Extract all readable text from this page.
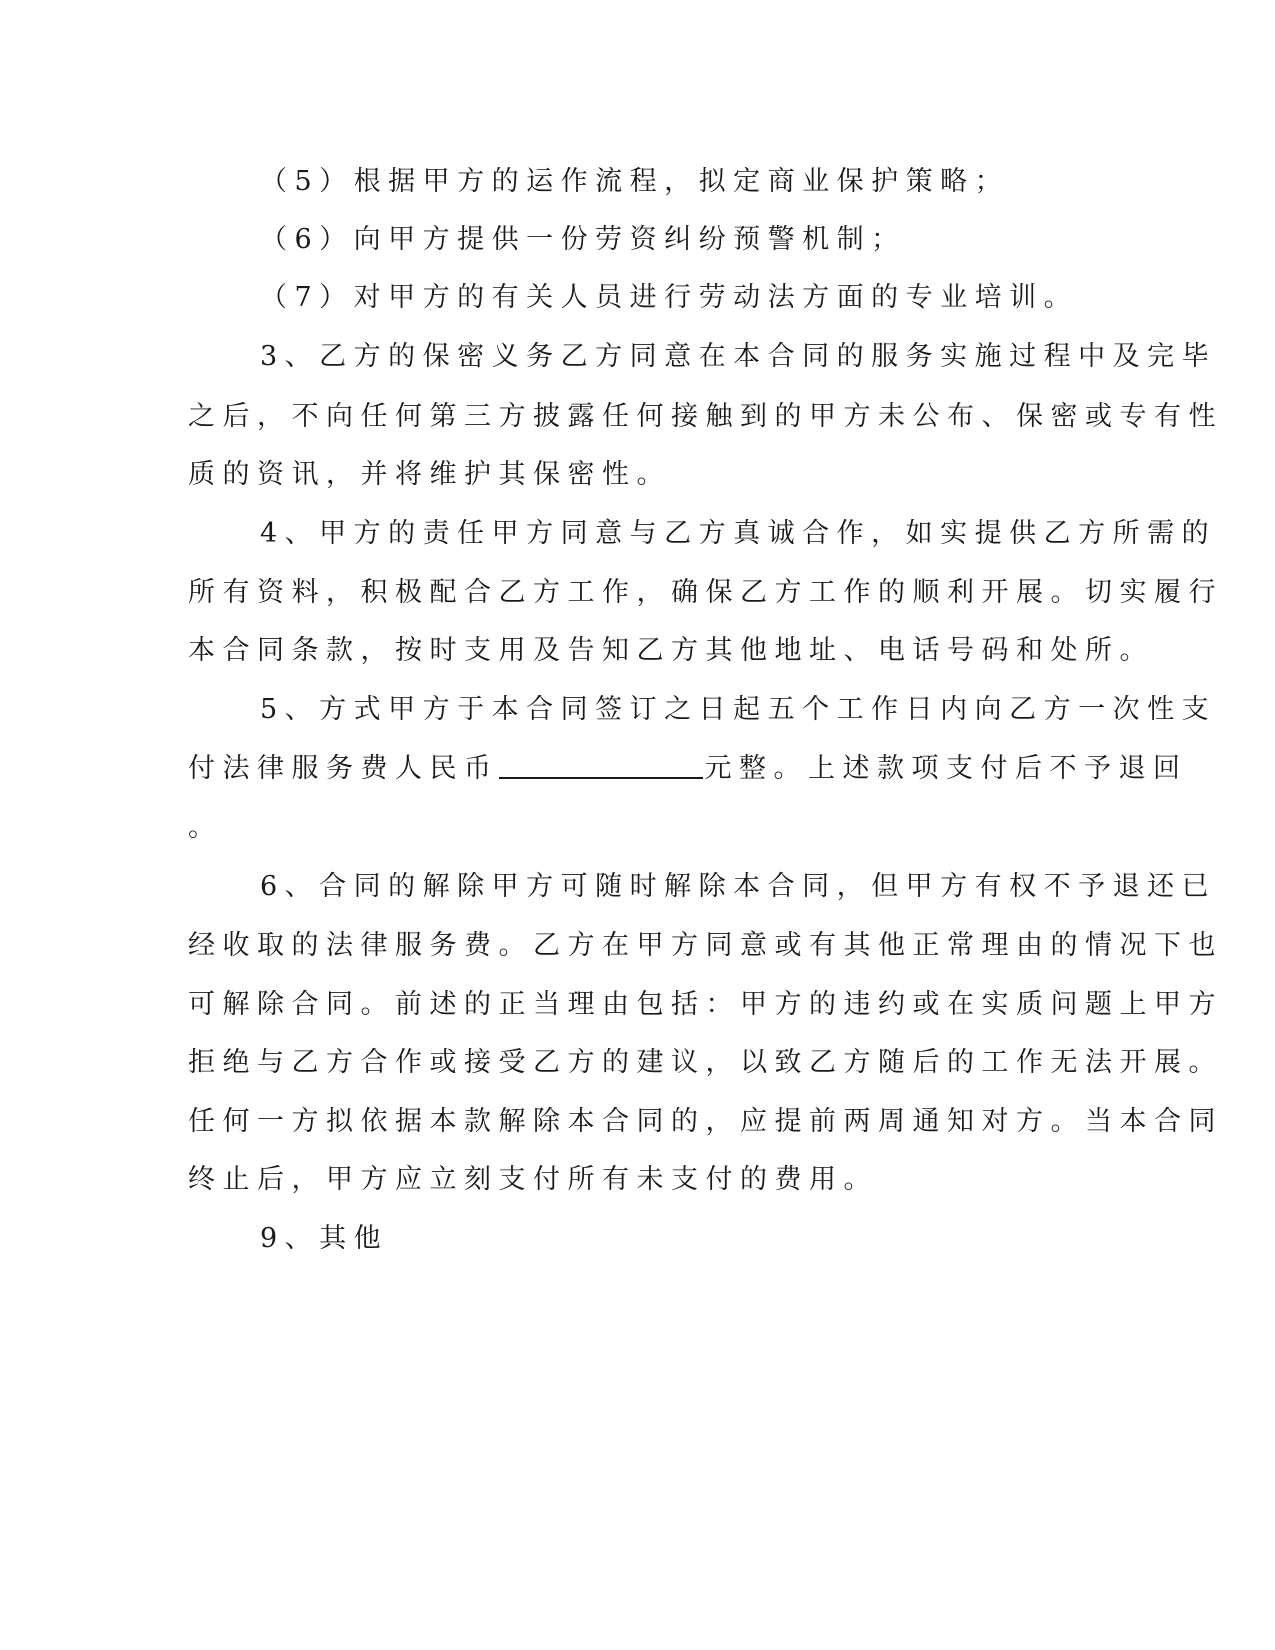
（5）根据甲方的运作流程，拟定商业保护策略；
（6）向甲方提供一份劳资纠纷预警机制；
（7）对甲方的有关人员进行劳动法方面的专业培训。
3、乙方的保密义务乙方同意在本合同的服务实施过程中及完毕
之后，不向任何第三方披露任何接触到的甲方未公布、保密或专有性
质的资讯，并将维护其保密性。
4、甲方的责任甲方同意与乙方真诚合作，如实提供乙方所需的
所有资料，积极配合乙方工作，确保乙方工作的顺利开展。切实履行
本合同条款，按时支用及告知乙方其他地址、电话号码和处所。
5、方式甲方于本合同签订之日起五个工作日内向乙方一次性支
付法律服务费人民币	元整。上述款项支付后不予退回
。
6、合同的解除甲方可随时解除本合同，但甲方有权不予退还已
经收取的法律服务费。乙方在甲方同意或有其他正常理由的情况下也
可解除合同。前述的正当理由包括：甲方的违约或在实质问题上甲方
拒绝与乙方合作或接受乙方的建议，以致乙方随后的工作无法开展。
任何一方拟依据本款解除本合同的，应提前两周通知对方。当本合同
终止后，甲方应立刻支付所有未支付的费用。
9、其他
